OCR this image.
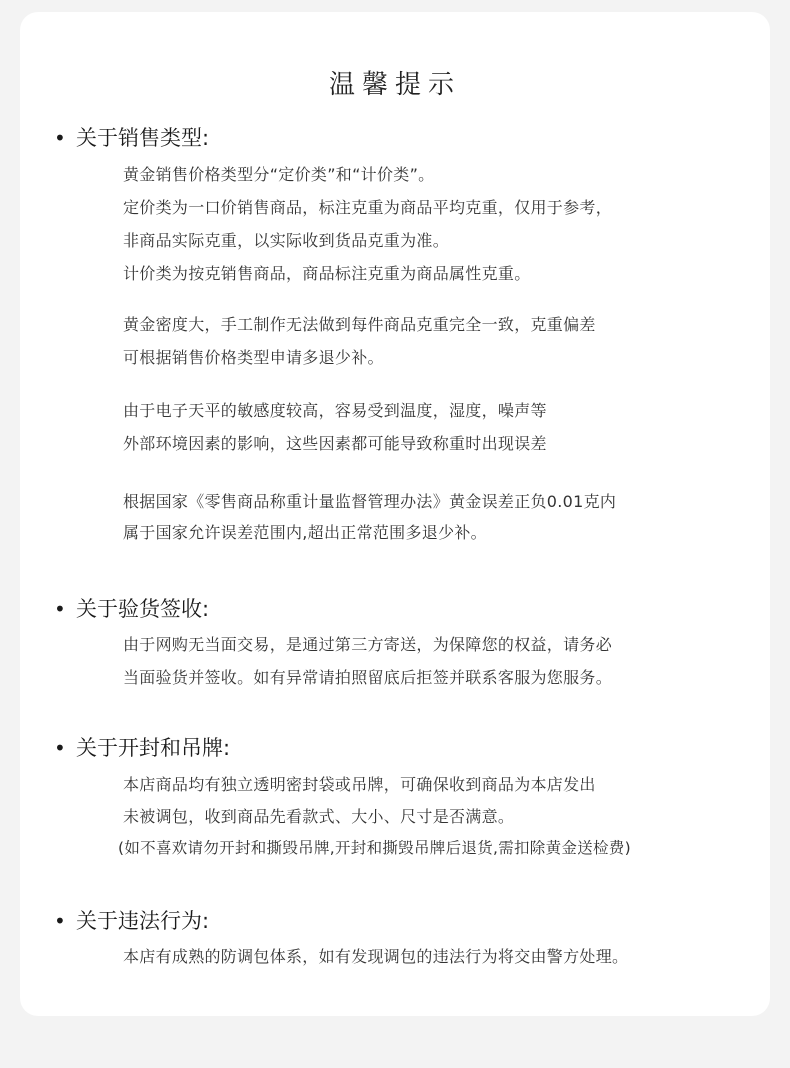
温馨提示
• 关于销售类型:
黄金销售价格类型分“定价类”和“计价类”。
定价类为一口价销售商品，标注克重为商品平均克重，仅用于参考，
非商品实际克重，以实际收到货品克重为准。
计价类为按克销售商品，商品标注克重为商品属性克重。
黄金密度大，手工制作无法做到每件商品克重完全一致，克重偏差
可根据销售价格类型申请多退少补。
由于电子天平的敏感度较高，容易受到温度，湿度，噪声等
外部环境因素的影响，这些因素都可能导致称重时出现误差
根据国家《零售商品称重计量监督管理办法》黄金误差正负0.01克内
属于国家允许误差范围内,超出正常范围多退少补。
• 关于验货签收:
由于网购无当面交易，是通过第三方寄送，为保障您的权益，请务必
当面验货并签收。如有异常请拍照留底后拒签并联系客服为您服务。
• 关于开封和吊牌:
本店商品均有独立透明密封袋或吊牌，可确保收到商品为本店发出
未被调包，收到商品先看款式、大小、尺寸是否满意。
(如不喜欢请勿开封和撕毁吊牌,开封和撕毁吊牌后退货,需扣除黄金送检费)
• 关于违法行为:
本店有成熟的防调包体系，如有发现调包的违法行为将交由警方处理。
